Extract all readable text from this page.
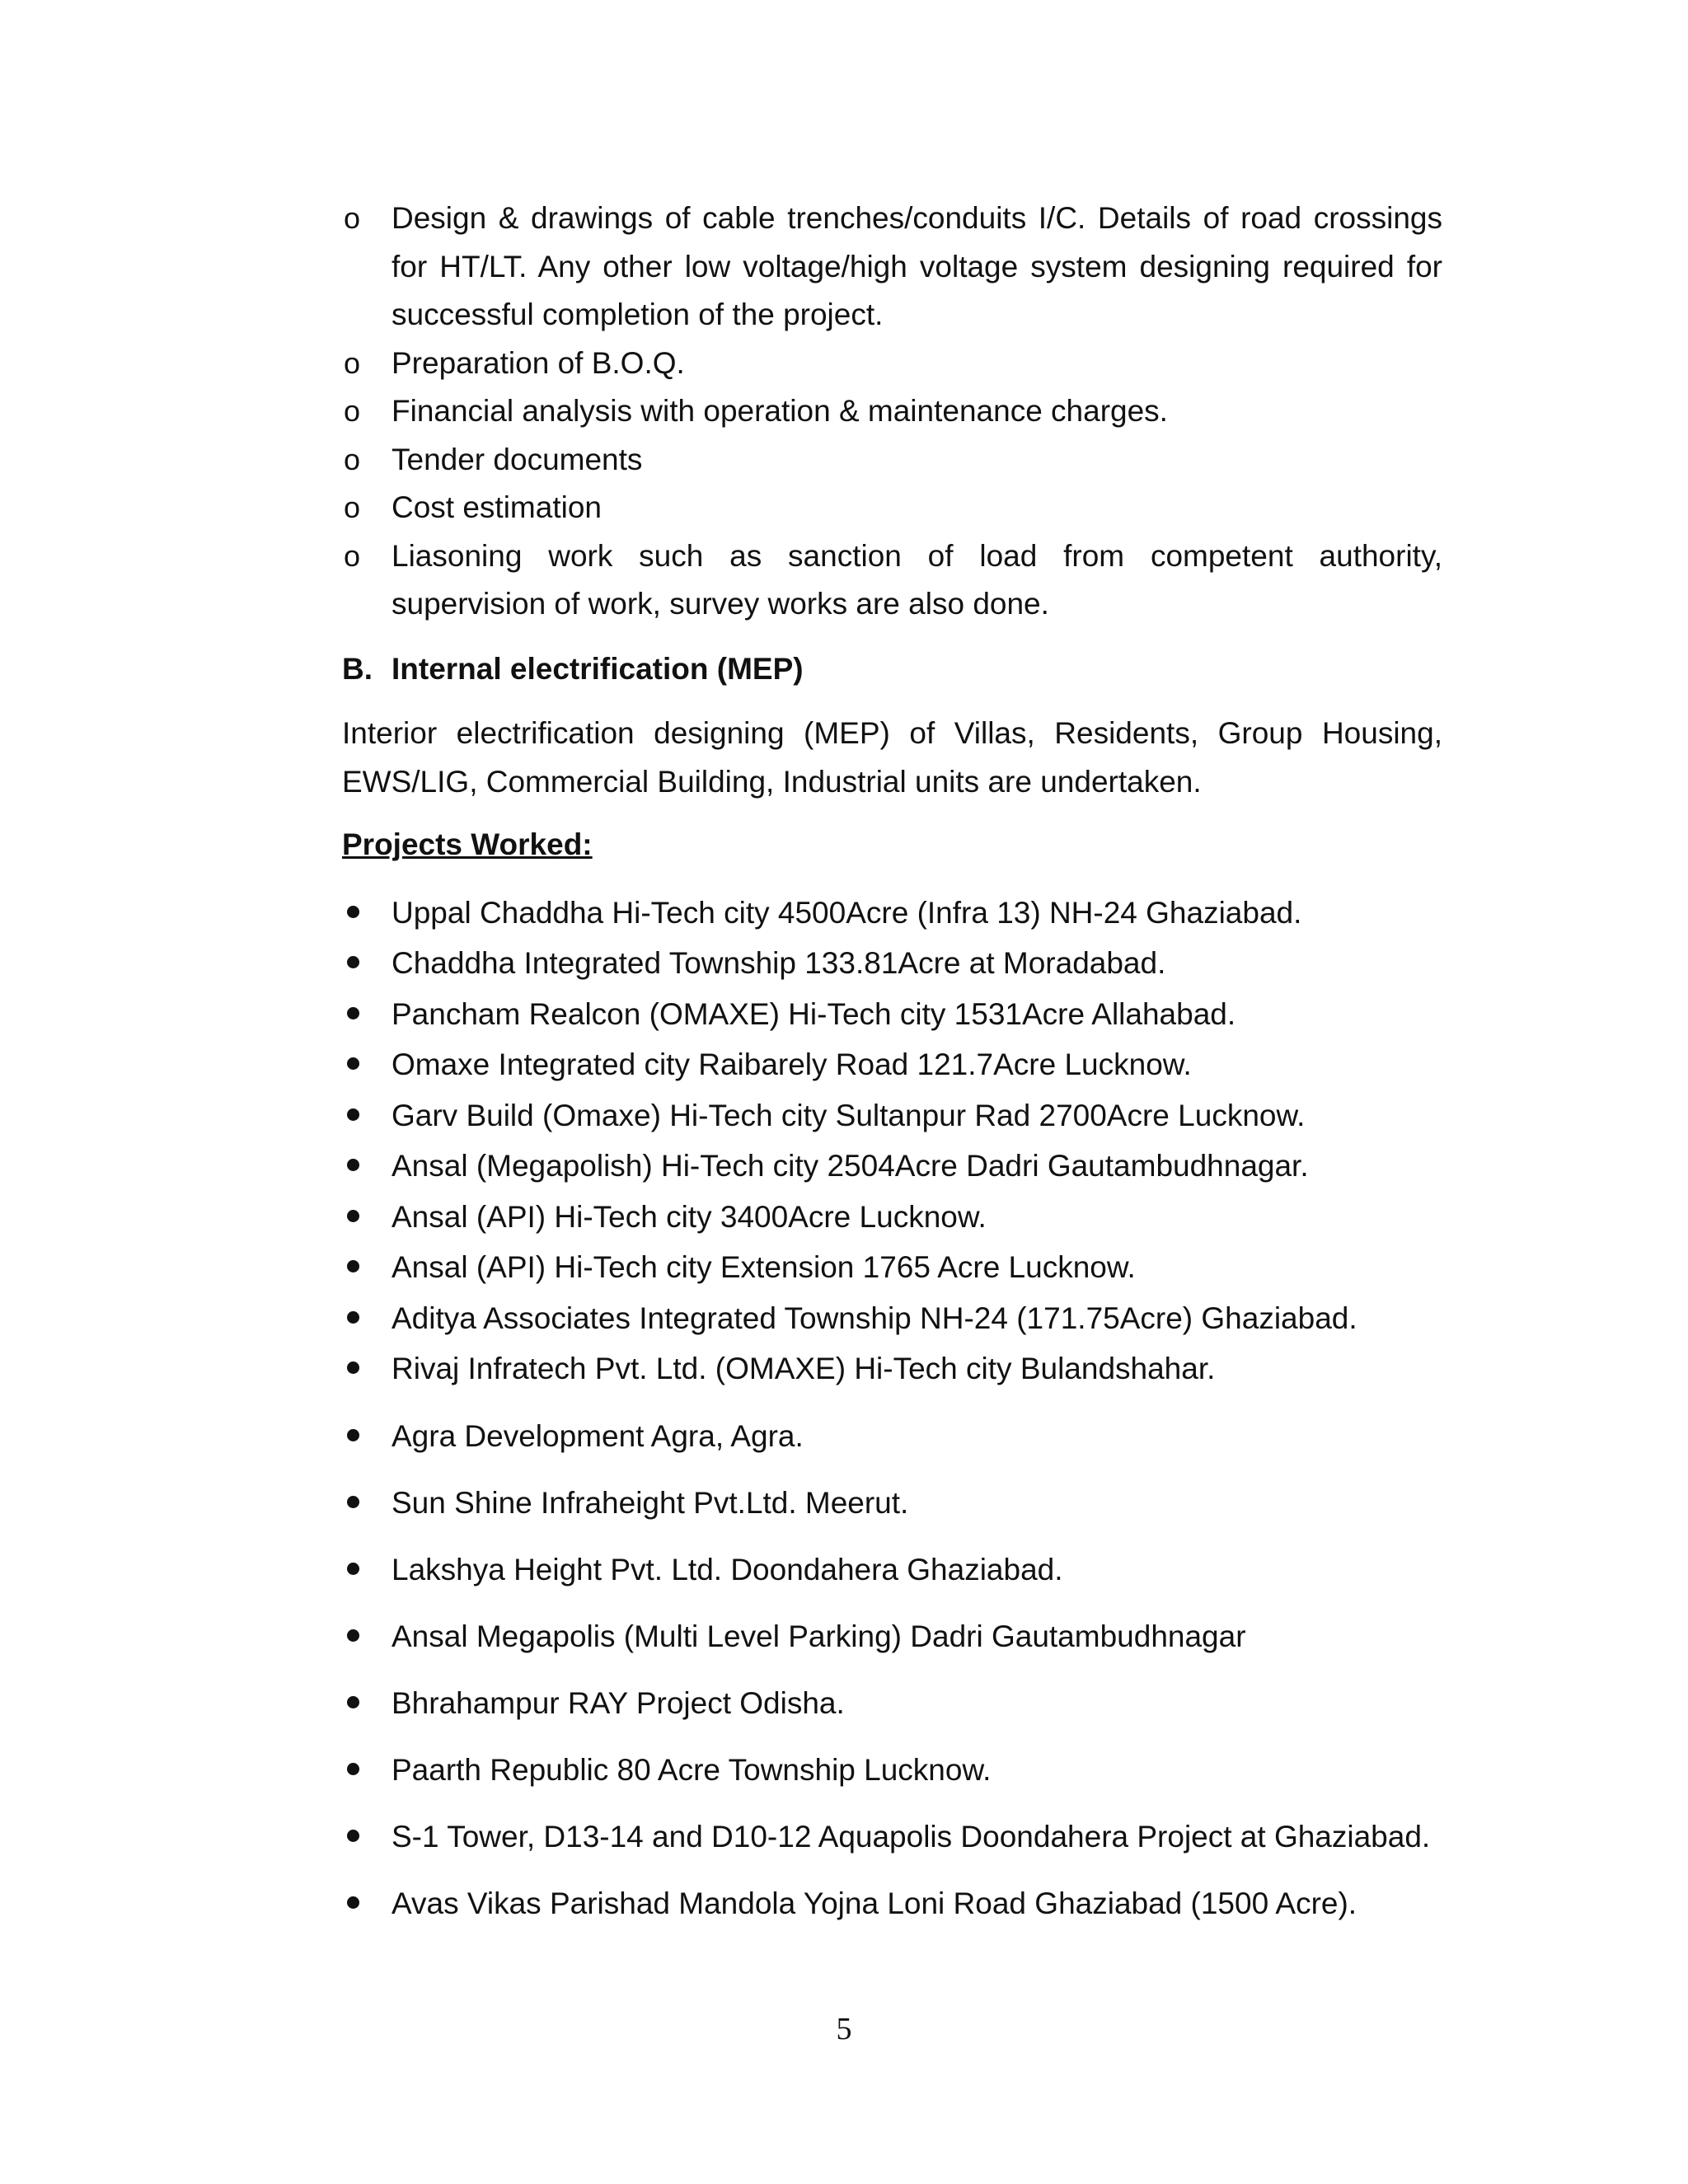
o Design & drawings of cable trenches/conduits I/C. Details of road crossings for HT/LT. Any other low voltage/high voltage system designing required for successful completion of the project.
o Preparation of B.O.Q.
o Financial analysis with operation & maintenance charges.
o Tender documents
o Cost estimation
o Liasoning work such as sanction of load from competent authority, supervision of work, survey works are also done.
B. Internal electrification (MEP)
Interior electrification designing (MEP) of Villas, Residents, Group Housing, EWS/LIG, Commercial Building, Industrial units are undertaken.
Projects Worked:
Uppal Chaddha Hi-Tech city 4500Acre (Infra 13) NH-24 Ghaziabad.
Chaddha Integrated Township 133.81Acre at Moradabad.
Pancham Realcon (OMAXE) Hi-Tech city 1531Acre Allahabad.
Omaxe Integrated city Raibarely Road 121.7Acre Lucknow.
Garv Build (Omaxe) Hi-Tech city Sultanpur Rad 2700Acre Lucknow.
Ansal (Megapolish) Hi-Tech city 2504Acre Dadri Gautambudhnagar.
Ansal (API) Hi-Tech city 3400Acre Lucknow.
Ansal (API) Hi-Tech city Extension 1765 Acre Lucknow.
Aditya Associates Integrated Township NH-24 (171.75Acre) Ghaziabad.
Rivaj Infratech Pvt. Ltd. (OMAXE) Hi-Tech city Bulandshahar.
Agra Development Agra, Agra.
Sun Shine Infraheight Pvt.Ltd. Meerut.
Lakshya Height Pvt. Ltd. Doondahera Ghaziabad.
Ansal Megapolis (Multi Level Parking) Dadri Gautambudhnagar
Bhrahampur RAY Project Odisha.
Paarth Republic 80 Acre Township Lucknow.
S-1 Tower, D13-14 and D10-12 Aquapolis Doondahera Project at Ghaziabad.
Avas Vikas Parishad Mandola Yojna Loni Road Ghaziabad (1500 Acre).
5
